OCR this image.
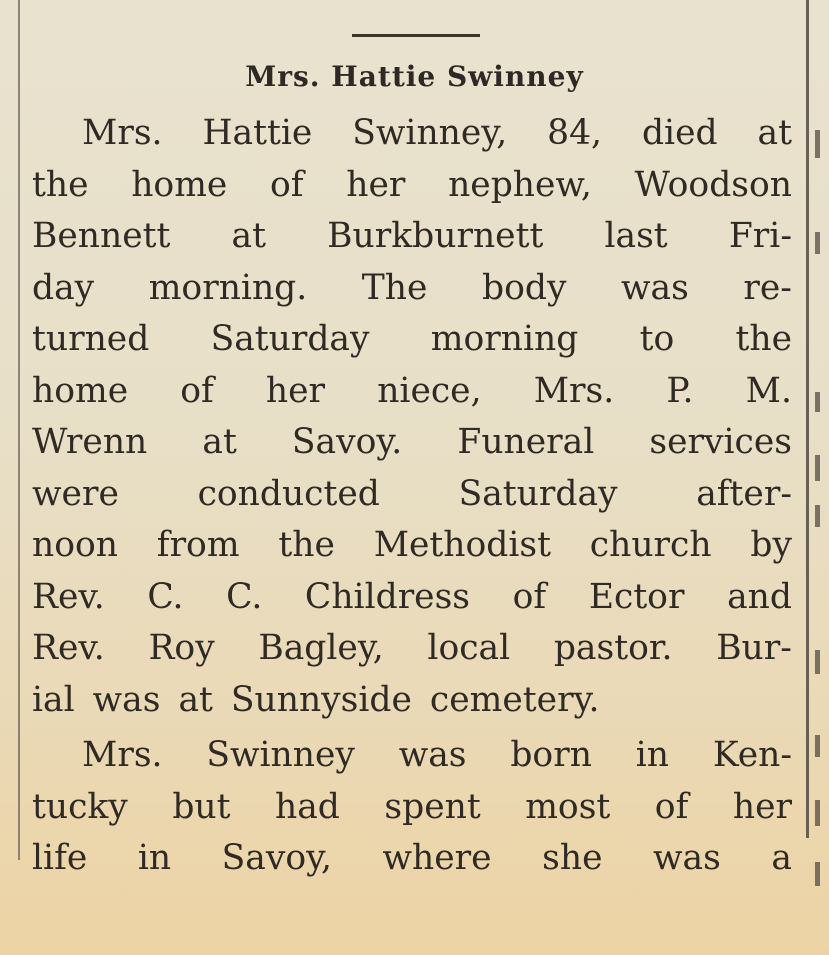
Mrs. Hattie Swinney
Mrs. Hattie Swinney, 84, died at
the home of her nephew, Woodson
Bennett at Burkburnett last Fri-
day morning. The body was re-
turned Saturday morning to the
home of her niece, Mrs. P. M.
Wrenn at Savoy. Funeral services
were conducted Saturday after-
noon from the Methodist church by
Rev. C. C. Childress of Ector and
Rev. Roy Bagley, local pastor. Bur-
ial was at Sunnyside cemetery.
Mrs. Swinney was born in Ken-
tucky but had spent most of her
life in Savoy, where she was a
